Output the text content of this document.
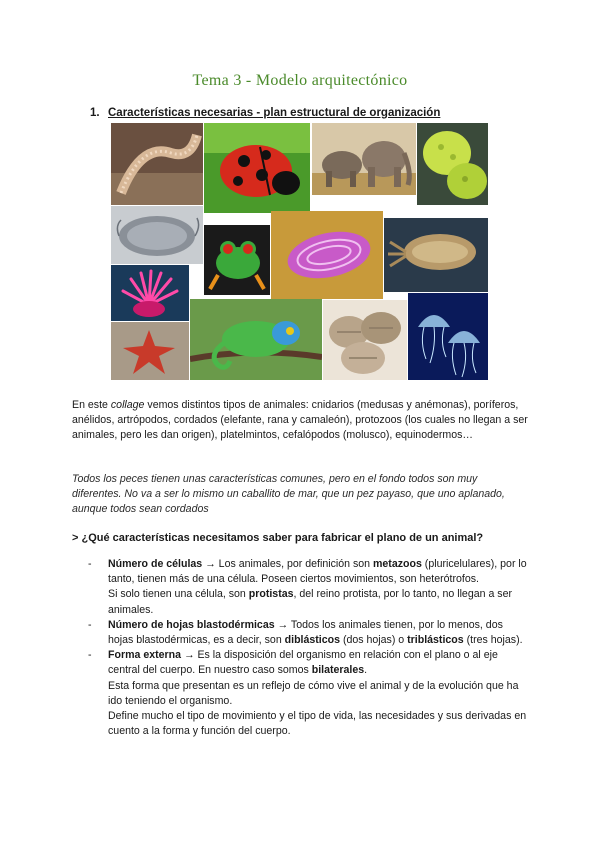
Tema 3 - Modelo arquitectónico
1. Características necesarias - plan estructural de organización
En este collage vemos distintos tipos de animales: cnidarios (medusas y anémonas), poríferos, anélidos, artrópodos, cordados (elefante, rana y camaleón), protozoos (los cuales no llegan a ser animales, pero les dan origen), platelmintos, cefalópodos (molusco), equinodermos…
Todos los peces tienen unas características comunes, pero en el fondo todos son muy diferentes. No va a ser lo mismo un caballito de mar, que un pez payaso, que uno aplanado, aunque todos sean cordados
> ¿Qué características necesitamos saber para fabricar el plano de un animal?
- Número de células → Los animales, por definición son metazoos (pluricelulares), por lo tanto, tienen más de una célula. Poseen ciertos movimientos, son heterótrofos.
Si solo tienen una célula, son protistas, del reino protista, por lo tanto, no llegan a ser animales.
- Número de hojas blastodérmicas → Todos los animales tienen, por lo menos, dos hojas blastodérmicas, es a decir, son diblásticos (dos hojas) o triblásticos (tres hojas).
- Forma externa → Es la disposición del organismo en relación con el plano o al eje central del cuerpo. En nuestro caso somos bilaterales.
Esta forma que presentan es un reflejo de cómo vive el animal y de la evolución que ha ido teniendo el organismo.
Define mucho el tipo de movimiento y el tipo de vida, las necesidades y sus derivadas en cuento a la forma y función del cuerpo.
